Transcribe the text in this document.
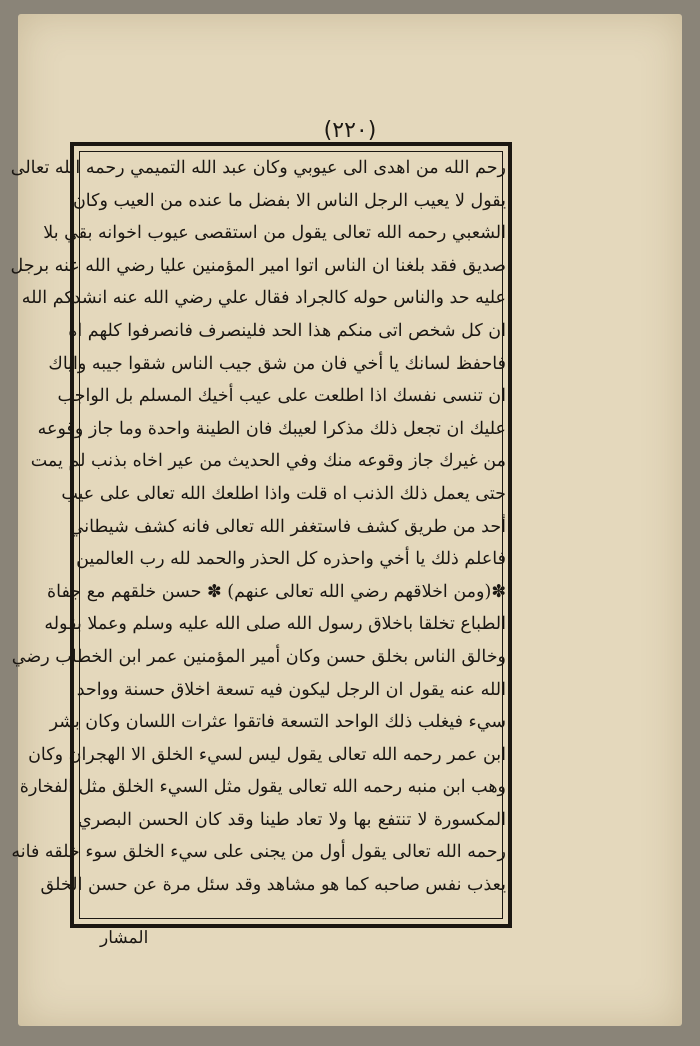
(٢٢٠)
رحم الله من اهدى الى عيوبي وكان عبد الله التميمي رحمه الله تعالى
يقول لا يعيب الرجل الناس الا بفضل ما عنده من العيب وكان
الشعبي رحمه الله تعالى يقول من استقصى عيوب اخوانه بقي بلا
صديق فقد بلغنا ان الناس اتوا امير المؤمنين عليا رضي الله عنه برجل
عليه حد والناس حوله كالجراد فقال علي رضي الله عنه انشدكم الله
ان كل شخص اتى منكم هذا الحد فلينصرف فانصرفوا كلهم اه
فاحفظ لسانك يا أخي فان من شق جيب الناس شقوا جيبه واياك
ان تنسى نفسك اذا اطلعت على عيب أخيك المسلم بل الواجب
عليك ان تجعل ذلك مذكرا لعيبك فان الطينة واحدة وما جاز وقوعه
من غيرك جاز وقوعه منك وفي الحديث من عير اخاه بذنب لم يمت
حتى يعمل ذلك الذنب اه قلت واذا اطلعك الله تعالى على عيب
أحد من طريق كشف فاستغفر الله تعالى فانه كشف شيطاني
فاعلم ذلك يا أخي واحذره كل الحذر والحمد لله رب العالمين
✽(ومن اخلاقهم رضي الله تعالى عنهم) ✽ حسن خلقهم مع جفاة
الطباع تخلقا باخلاق رسول الله صلى الله عليه وسلم وعملا بقوله
وخالق الناس بخلق حسن وكان أمير المؤمنين عمر ابن الخطاب رضي
الله عنه يقول ان الرجل ليكون فيه تسعة اخلاق حسنة وواحد
سيء فيغلب ذلك الواحد التسعة فاتقوا عثرات اللسان وكان بشر
ابن عمر رحمه الله تعالى يقول ليس لسيء الخلق الا الهجران وكان
وهب ابن منبه رحمه الله تعالى يقول مثل السيء الخلق مثل الفخارة
المكسورة لا تنتفع بها ولا تعاد طينا وقد كان الحسن البصري
رحمه الله تعالى يقول أول من يجنى على سيء الخلق سوء خلقه فانه
يعذب نفس صاحبه كما هو مشاهد وقد سئل مرة عن حسن الخلق
المشار
